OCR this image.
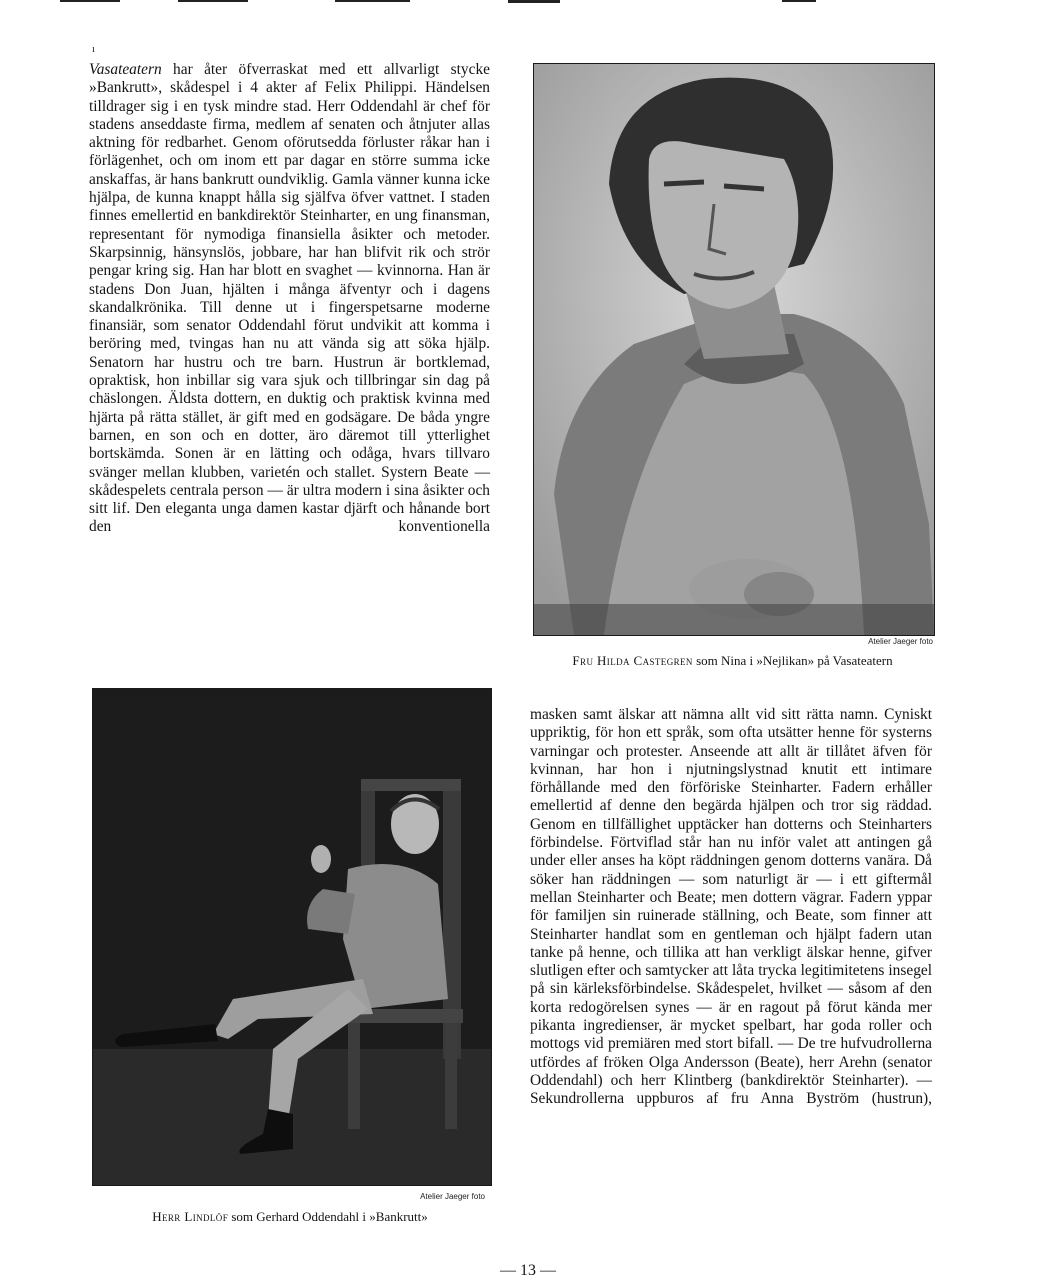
ı

Vasateatern har åter öfverraskat med ett allvarligt stycke »Bankrutt», skådespel i 4 akter af Felix Philippi. Händelsen tilldrager sig i en tysk mindre stad. Herr Oddendahl är chef för stadens anseddaste firma, medlem af senaten och åtnjuter allas aktning för redbarhet. Genom oförutsedda förluster råkar han i förlägenhet, och om inom ett par dagar en större summa icke anskaffas, är hans bankrutt oundviklig. Gamla vänner kunna icke hjälpa, de kunna knappt hålla sig själfva öfver vattnet. I staden finnes emellertid en bankdirektör Steinharter, en ung finansman, representant för nymodiga finansiella åsikter och metoder. Skarpsinnig, hänsynslös, jobbare, har han blifvit rik och strör pengar kring sig. Han har blott en svaghet — kvinnorna. Han är stadens Don Juan, hjälten i många äfventyr och i dagens skandalkrönika. Till denne ut i fingerspetsarne moderne finansiär, som senator Oddendahl förut undvikit att komma i beröring med, tvingas han nu att vända sig att söka hjälp. Senatorn har hustru och tre barn. Hustrun är bortklemad, opraktisk, hon inbillar sig vara sjuk och tillbringar sin dag på chäslongen. Äldsta dottern, en duktig och praktisk kvinna med hjärta på rätta stället, är gift med en godsägare. De båda yngre barnen, en son och en dotter, äro däremot till ytterlighet bortskämda. Sonen är en lätting och odåga, hvars tillvaro svänger mellan klubben, varietén och stallet. Systern Beate — skådespelets centrala person — är ultra modern i sina åsikter och sitt lif. Den eleganta unga damen kastar djärft och hånande bort den konventionella

Atelier Jaeger foto
Fru Hilda Castegren som Nina i »Nejlikan» på Vasateatern
Atelier Jaeger foto
Herr Lindlöf som Gerhard Oddendahl i »Bankrutt»

masken samt älskar att nämna allt vid sitt rätta namn. Cyniskt uppriktig, för hon ett språk, som ofta utsätter henne för systerns varningar och protester. Anseende att allt är tillåtet äfven för kvinnan, har hon i njutningslystnad knutit ett intimare förhållande med den förföriske Steinharter. Fadern erhåller emellertid af denne den begärda hjälpen och tror sig räddad. Genom en tillfällighet upptäcker han dotterns och Steinharters förbindelse. Förtviflad står han nu inför valet att antingen gå under eller anses ha köpt räddningen genom dotterns vanära. Då söker han räddningen — som naturligt är — i ett giftermål mellan Steinharter och Beate; men dottern vägrar. Fadern yppar för familjen sin ruinerade ställning, och Beate, som finner att Steinharter handlat som en gentleman och hjälpt fadern utan tanke på henne, och tillika att han verkligt älskar henne, gifver slutligen efter och samtycker att låta trycka legitimitetens insegel på sin kärleksförbindelse. Skådespelet, hvilket — såsom af den korta redogörelsen synes — är en ragout på förut kända mer pikanta ingredienser, är mycket spelbart, har goda roller och mottogs vid premiären med stort bifall. — De tre hufvudrollerna utfördes af fröken Olga Andersson (Beate), herr Arehn (senator Oddendahl) och herr Klintberg (bankdirektör Steinharter). — Sekundrollerna uppburos af fru Anna Byström (hustrun),

— 13 —
